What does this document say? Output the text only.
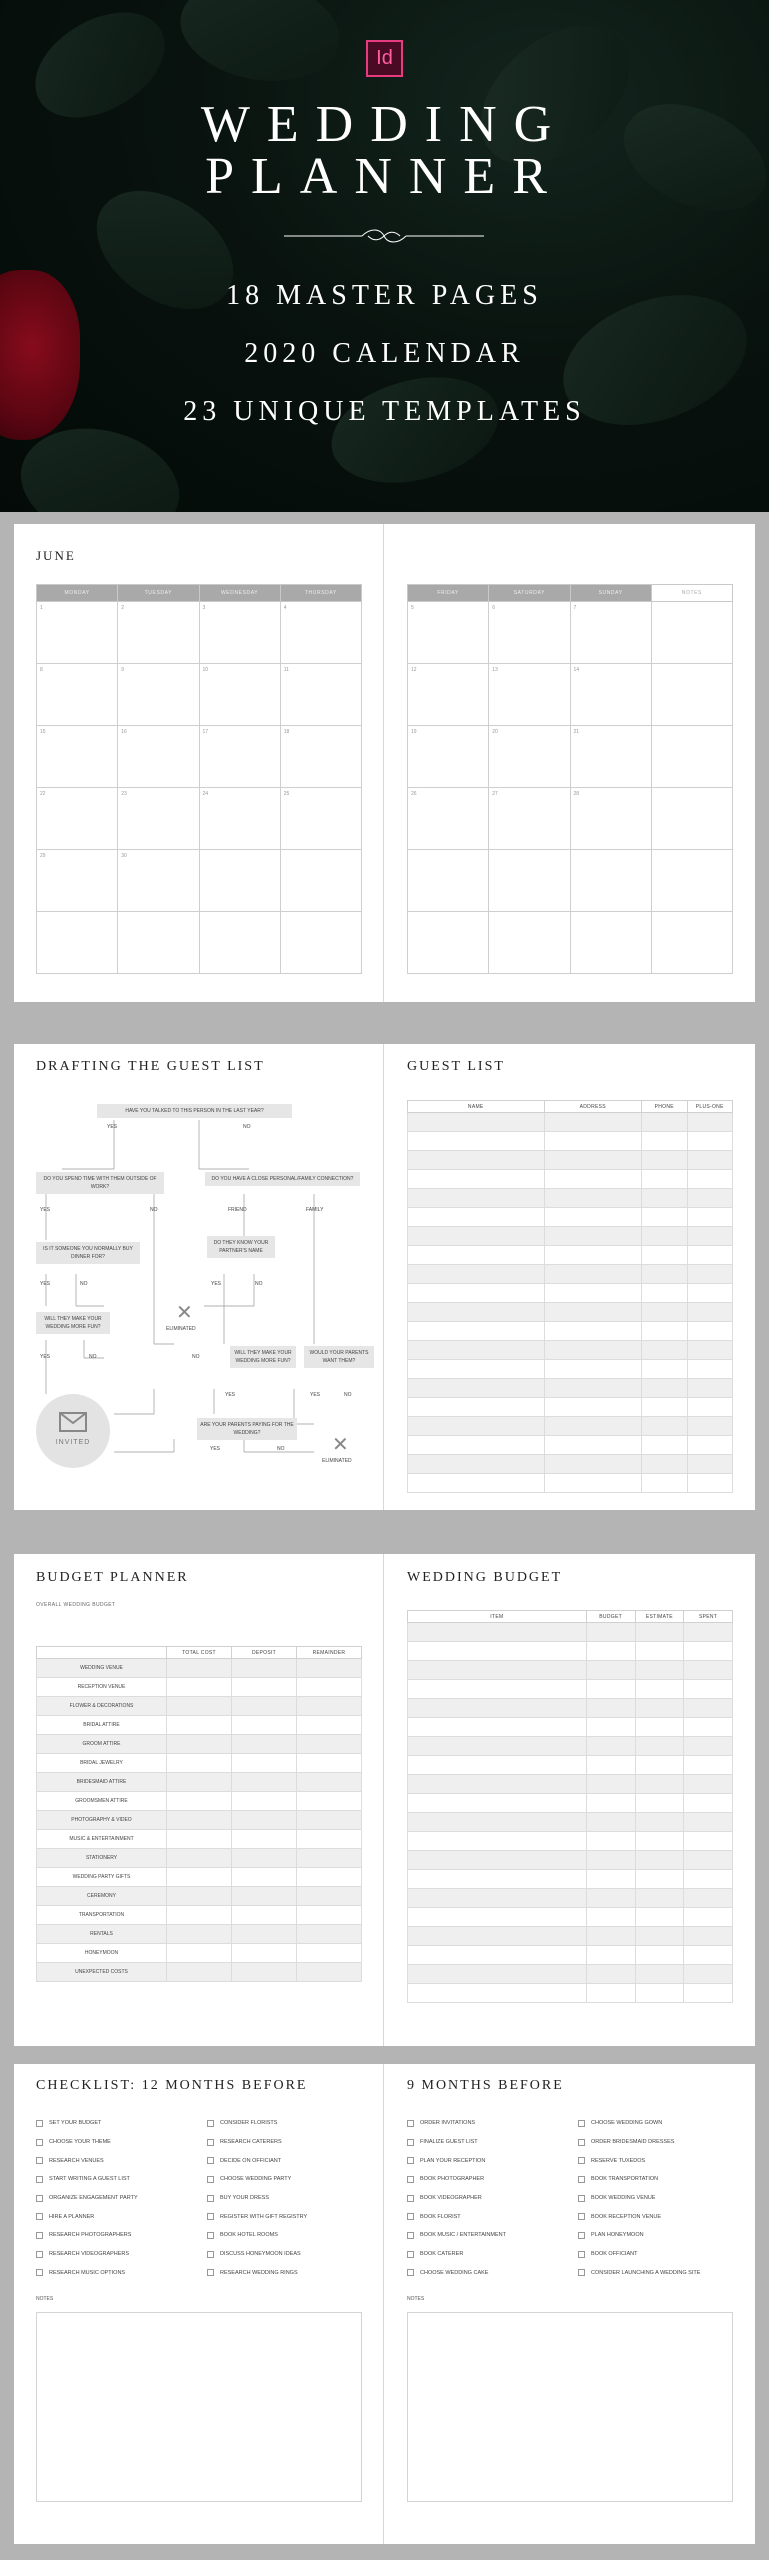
Id
WEDDING
PLANNER
18 MASTER PAGES
2020 CALENDAR
23 UNIQUE TEMPLATES
JUNE
MONDAY	TUESDAY	WEDNESDAY	THURSDAY
1	2	3	4
8	9	10	11
15	16	17	18
22	23	24	25
29	30		

FRIDAY	SATURDAY	SUNDAY	NOTES
5	6	7	
12	13	14	
19	20	21	
26	27	28	

DRAFTING THE GUEST LIST
HAVE YOU TALKED TO THIS PERSON IN THE LAST YEAR?
YES	NO
DO YOU SPEND TIME WITH THEM OUTSIDE OF WORK?
DO YOU HAVE A CLOSE PERSONAL/FAMILY CONNECTION?
YES	NO	FRIEND	FAMILY
IS IT SOMEONE YOU NORMALLY BUY DINNER FOR?
DO THEY KNOW YOUR PARTNER'S NAME
YES	NO	YES	NO
WILL THEY MAKE YOUR WEDDING MORE FUN?
✕
ELIMINATED
YES	NO	NO
WILL THEY MAKE YOUR WEDDING MORE FUN?
WOULD YOUR PARENTS WANT THEM?
YES	YES	NO
INVITED
ARE YOUR PARENTS PAYING FOR THE WEDDING?
YES	NO ✕
ELIMINATED
GUEST LIST
NAME	ADDRESS	PHONE	PLUS-ONE

BUDGET PLANNER
OVERALL WEDDING BUDGET
	TOTAL COST	DEPOSIT	REMAINDER
WEDDING VENUE			
RECEPTION VENUE			
FLOWER & DECORATIONS			
BRIDAL ATTIRE			
GROOM ATTIRE			
BRIDAL JEWELRY			
BRIDESMAID ATTIRE			
GROOMSMEN ATTIRE			
PHOTOGRAPHY & VIDEO			
MUSIC & ENTERTAINMENT			
STATIONERY			
WEDDING PARTY GIFTS			
CEREMONY			
TRANSPORTATION			
RENTALS			
HONEYMOON			
UNEXPECTED COSTS			
WEDDING BUDGET
ITEM	BUDGET	ESTIMATE	SPENT

CHECKLIST: 12 MONTHS BEFORE
SET YOUR BUDGET
CHOOSE YOUR THEME
RESEARCH VENUES
START WRITING A GUEST LIST
ORGANIZE ENGAGEMENT PARTY
HIRE A PLANNER
RESEARCH PHOTOGRAPHERS
RESEARCH VIDEOGRAPHERS
RESEARCH MUSIC OPTIONS
CONSIDER FLORISTS
RESEARCH CATERERS
DECIDE ON OFFICIANT
CHOOSE WEDDING PARTY
BUY YOUR DRESS
REGISTER WITH GIFT REGISTRY
BOOK HOTEL ROOMS
DISCUSS HONEYMOON IDEAS
RESEARCH WEDDING RINGS
NOTES
9 MONTHS BEFORE
ORDER INVITATIONS
FINALIZE GUEST LIST
PLAN YOUR RECEPTION
BOOK PHOTOGRAPHER
BOOK VIDEOGRAPHER
BOOK FLORIST
BOOK MUSIC / ENTERTAINMENT
BOOK CATERER
CHOOSE WEDDING CAKE
CHOOSE WEDDING GOWN
ORDER BRIDESMAID DRESSES
RESERVE TUXEDOS
BOOK TRANSPORTATION
BOOK WEDDING VENUE
BOOK RECEPTION VENUE
PLAN HONEYMOON
BOOK OFFICIANT
CONSIDER LAUNCHING A WEDDING SITE
NOTES
